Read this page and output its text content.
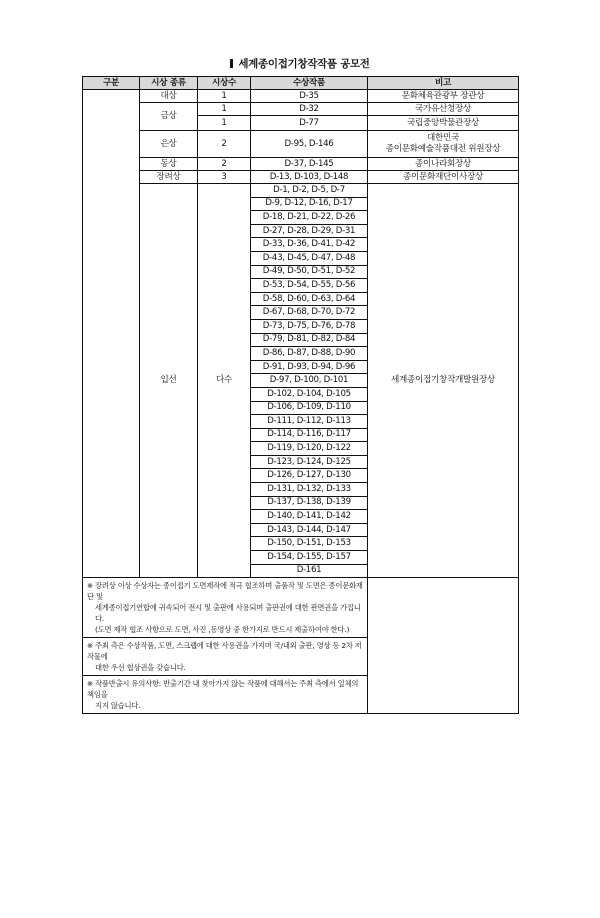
세계종이접기창작작품 공모전
구분	시상 종류	시상수	수상작품	비고
	대상	1	D-35	문화체육관광부 장관상
	금상	1	D-32	국가유산청장상
		1	D-77	국립중앙박물관장상
	은상	2	D-95, D-146	대한민국
종이문화예술작품대전 위원장상

	동상	2	D-37, D-145	종이나라회장상
	장려상	3	D-13, D-103, D-148	종이문화재단이사장상
	입선	다수	D-1, D-2, D-5, D-7	세계종이접기창작개발원장상
			D-9, D-12, D-16, D-17	
			D-18, D-21, D-22, D-26	
			D-27, D-28, D-29, D-31	
			D-33, D-36, D-41, D-42	
			D-43, D-45, D-47, D-48	
			D-49, D-50, D-51, D-52	
			D-53, D-54, D-55, D-56	
			D-58, D-60, D-63, D-64	
			D-67, D-68, D-70, D-72	
			D-73, D-75, D-76, D-78	
			D-79, D-81, D-82, D-84	
			D-86, D-87, D-88, D-90	
			D-91, D-93, D-94, D-96	
			D-97, D-100, D-101	
			D-102, D-104, D-105	
			D-106, D-109, D-110	
			D-111, D-112, D-113	
			D-114, D-116, D-117	
			D-119, D-120, D-122	
			D-123, D-124, D-125	
			D-126, D-127, D-130	
			D-131, D-132, D-133	
			D-137, D-138, D-139	
			D-140, D-141, D-142	
			D-143, D-144, D-147	
			D-150, D-151, D-153	
			D-154, D-155, D-157	
			D-161	
※ 장려상 이상 수상자는 종이접기 도면제작에 적극 협조하며 출품작 및 도면은 종이문화재단 및

세계종이접기연합에 귀속되어 전시 및 출판에 사용되며 출판권에 대한 판면권을 가집니다.
(도면 제작 협조 사항으로 도면, 사진 ,동영상 중 한가지로 반드시 제출하여야 한다.)				

※ 주최 측은 수상작품, 도면, 스크랩에 대한 사용권을 가지며 국/내외 출판, 영상 등 2차 저작물에

대한 우선 협상권을 갖습니다.				

※ 작품반출시 유의사항: 반출기간 내 찾아가지 않는 작품에 대해서는 주최 측에서 일체의 책임을

지지 않습니다.				
